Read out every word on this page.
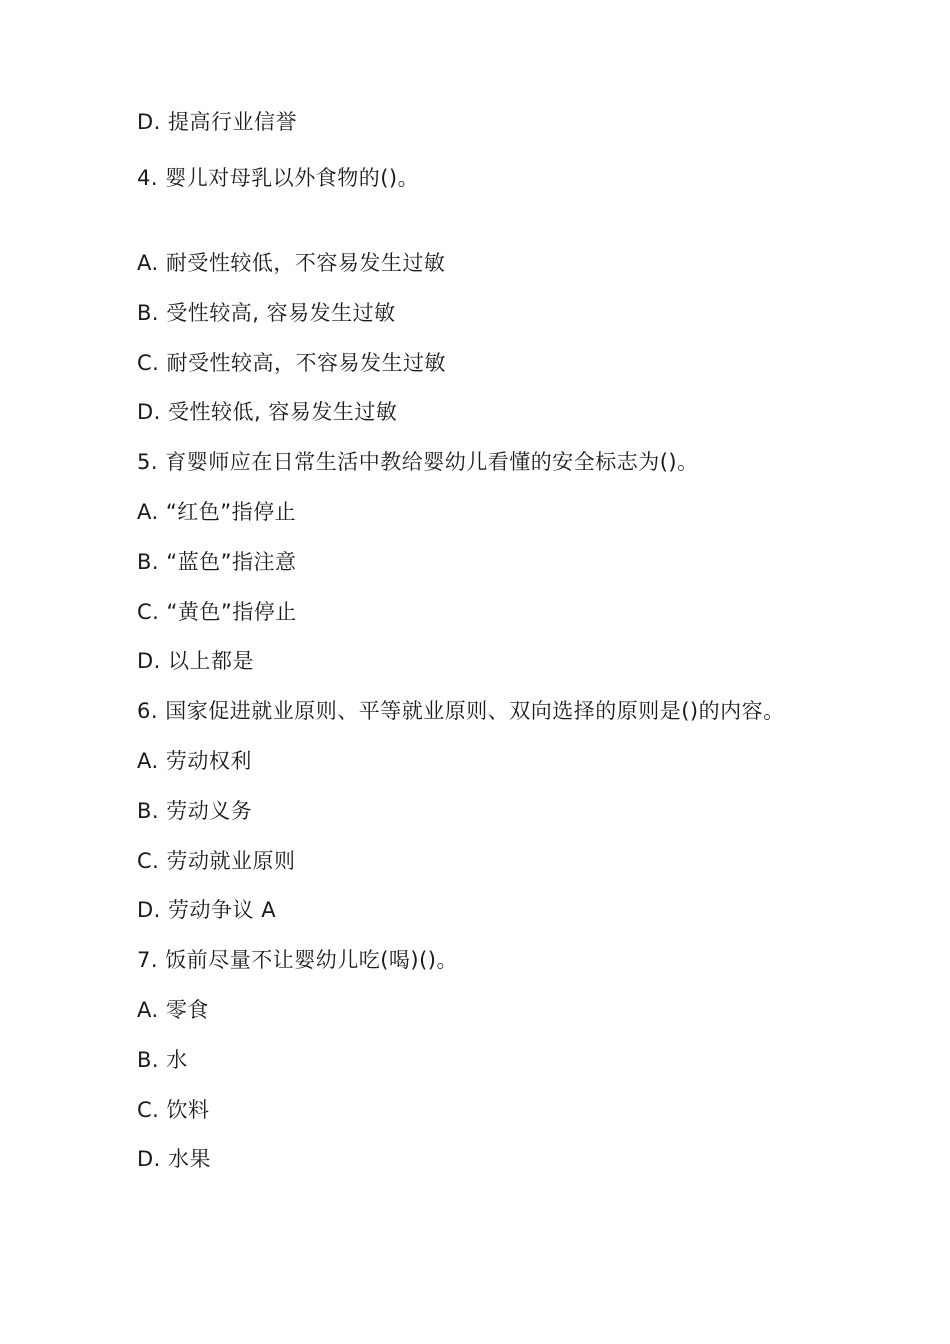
D. 提高行业信誉
4. 婴儿对母乳以外食物的()。
A. 耐受性较低，不容易发生过敏
B. 受性较高, 容易发生过敏
C. 耐受性较高，不容易发生过敏
D. 受性较低, 容易发生过敏
5. 育婴师应在日常生活中教给婴幼儿看懂的安全标志为()。
A. “红色”指停止
B. “蓝色”指注意
C. “黄色”指停止
D. 以上都是
6. 国家促进就业原则、平等就业原则、双向选择的原则是()的内容。
A. 劳动权利
B. 劳动义务
C. 劳动就业原则
D. 劳动争议 A
7. 饭前尽量不让婴幼儿吃(喝)()。
A. 零食
B. 水
C. 饮料
D. 水果
